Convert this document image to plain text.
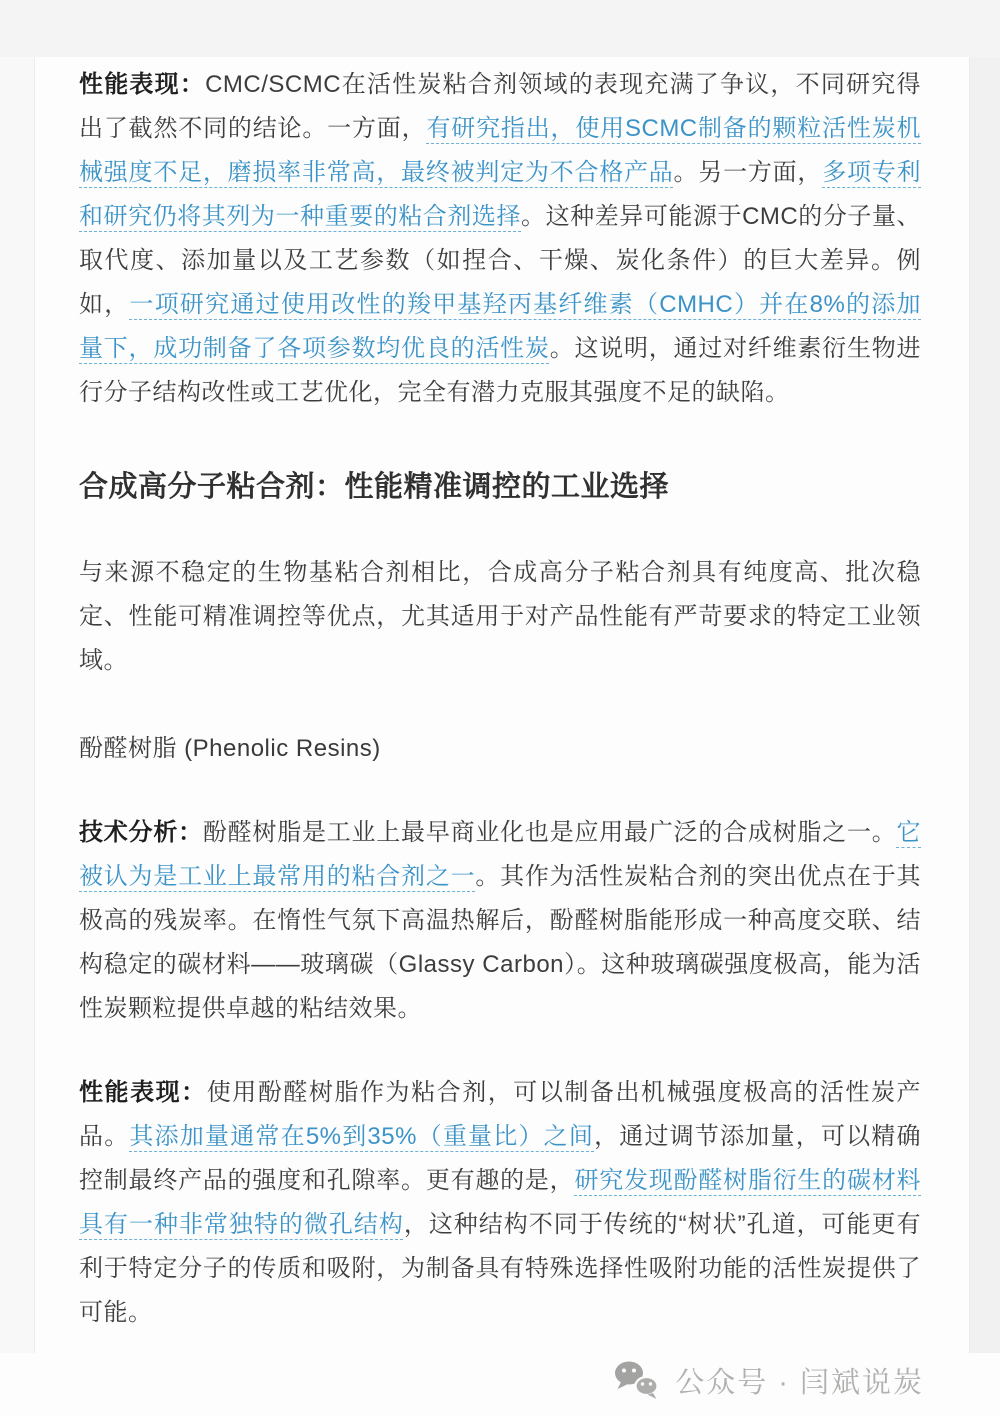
性能表现：CMC/SCMC在活性炭粘合剂领域的表现充满了争议，不同研究得出了截然不同的结论。一方面，有研究指出，使用SCMC制备的颗粒活性炭机械强度不足，磨损率非常高，最终被判定为不合格产品。另一方面，多项专利和研究仍将其列为一种重要的粘合剂选择。这种差异可能源于CMC的分子量、取代度、添加量以及工艺参数（如捏合、干燥、炭化条件）的巨大差异。例如，一项研究通过使用改性的羧甲基羟丙基纤维素（CMHC）并在8%的添加量下，成功制备了各项参数均优良的活性炭。这说明，通过对纤维素衍生物进行分子结构改性或工艺优化，完全有潜力克服其强度不足的缺陷。

合成高分子粘合剂：性能精准调控的工业选择

与来源不稳定的生物基粘合剂相比，合成高分子粘合剂具有纯度高、批次稳定、性能可精准调控等优点，尤其适用于对产品性能有严苛要求的特定工业领域。

酚醛树脂 (Phenolic Resins)

技术分析：酚醛树脂是工业上最早商业化也是应用最广泛的合成树脂之一。它被认为是工业上最常用的粘合剂之一。其作为活性炭粘合剂的突出优点在于其极高的残炭率。在惰性气氛下高温热解后，酚醛树脂能形成一种高度交联、结构稳定的碳材料——玻璃碳（Glassy Carbon）。这种玻璃碳强度极高，能为活性炭颗粒提供卓越的粘结效果。

性能表现：使用酚醛树脂作为粘合剂，可以制备出机械强度极高的活性炭产品。其添加量通常在5%到35%（重量比）之间，通过调节添加量，可以精确控制最终产品的强度和孔隙率。更有趣的是，研究发现酚醛树脂衍生的碳材料具有一种非常独特的微孔结构，这种结构不同于传统的“树状”孔道，可能更有利于特定分子的传质和吸附，为制备具有特殊选择性吸附功能的活性炭提供了可能。

公众号 · 闫斌说炭
